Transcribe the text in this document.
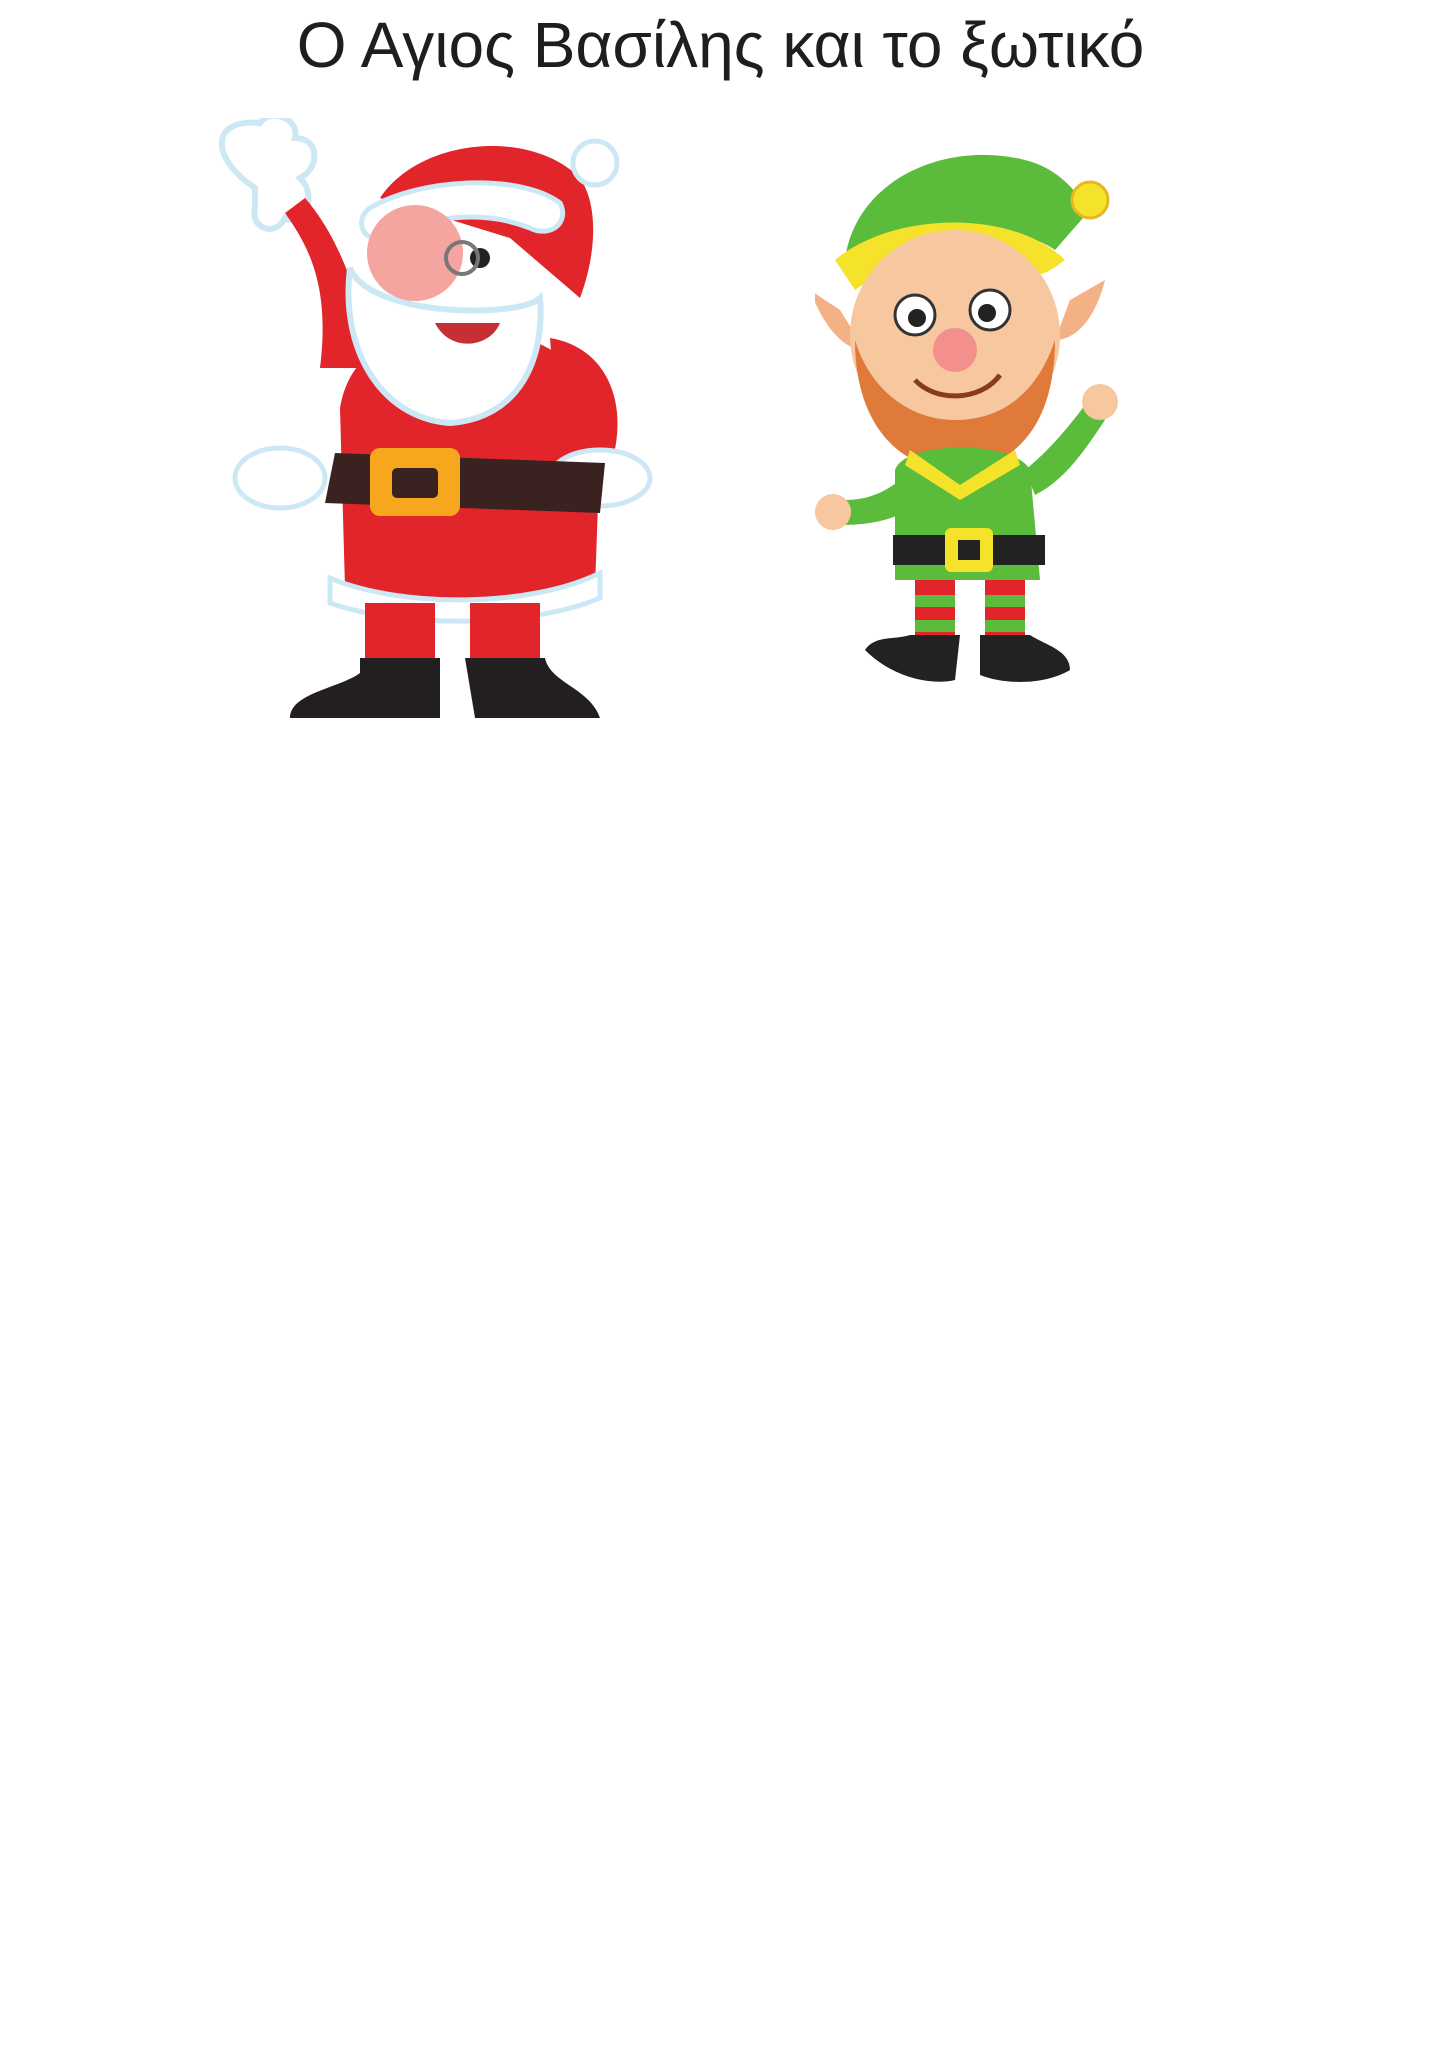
Ο Αγιος Βασίλης και το ξωτικό
